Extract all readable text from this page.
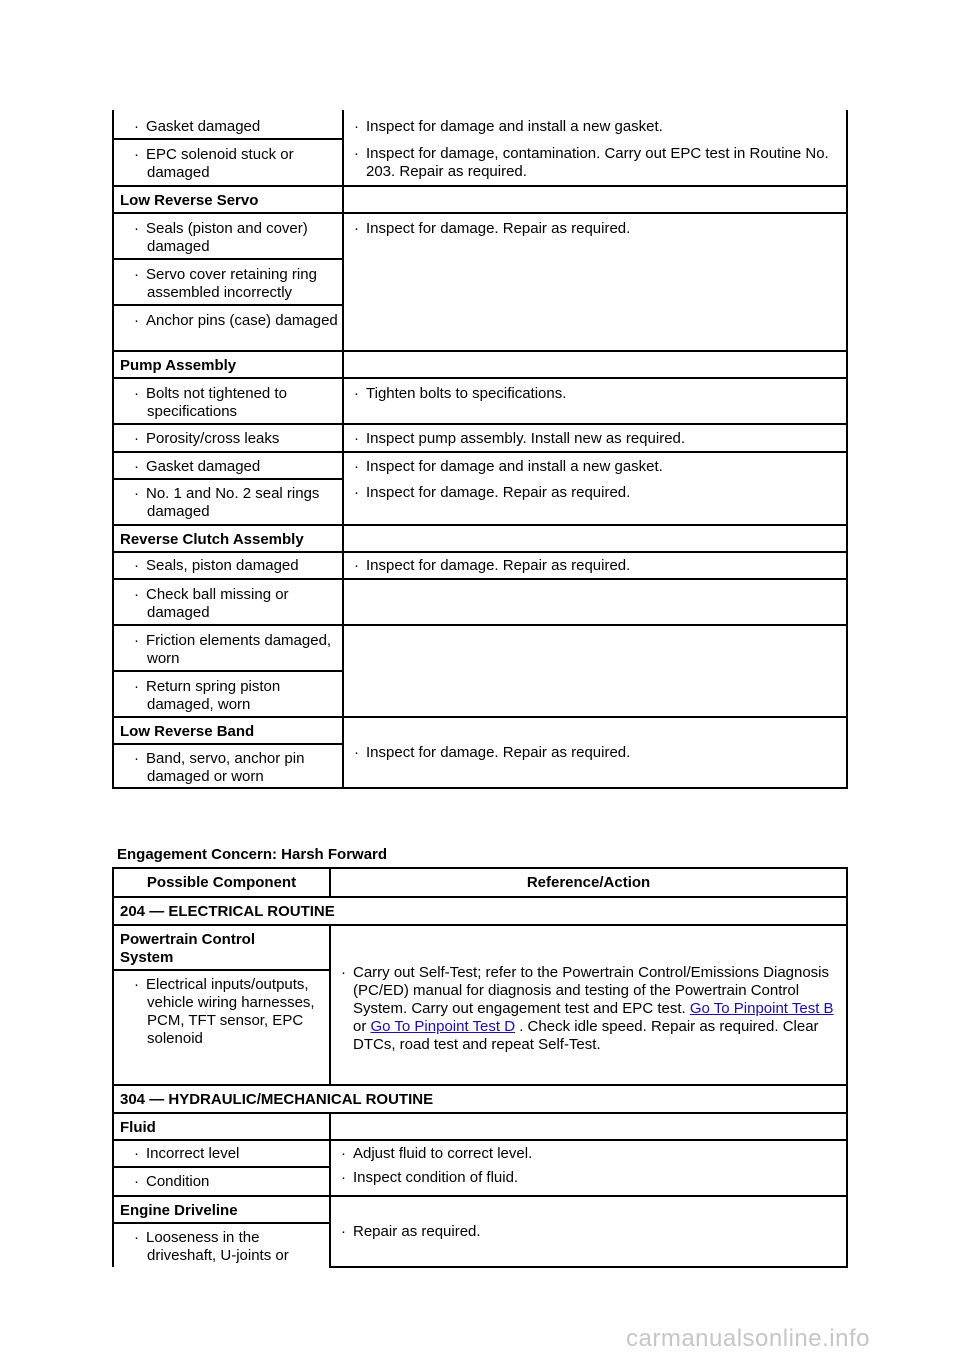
· Gasket damaged	· Inspect for damage and install a new gasket.

· EPC solenoid stuck or damaged	· Inspect for damage, contamination. Carry out EPC test in Routine No. 203. Repair as required.

Low Reverse Servo	

· Seals (piston and cover) damaged	· Inspect for damage. Repair as required.

· Servo cover retaining ring assembled incorrectly	

· Anchor pins (case) damaged	

Pump Assembly	

· Bolts not tightened to specifications	· Tighten bolts to specifications.

· Porosity/cross leaks	· Inspect pump assembly. Install new as required.

· Gasket damaged	· Inspect for damage and install a new gasket.

· No. 1 and No. 2 seal rings damaged	· Inspect for damage. Repair as required.

Reverse Clutch Assembly	

· Seals, piston damaged	· Inspect for damage. Repair as required.

· Check ball missing or damaged	

· Friction elements damaged, worn	

· Return spring piston damaged, worn	

Low Reverse Band	· Inspect for damage. Repair as required.

· Band, servo, anchor pin damaged or worn	
Engagement Concern: Harsh Forward
Possible Component	Reference/Action
204 — ELECTRICAL ROUTINE	
Powertrain Control System	· Carry out Self-Test; refer to the Powertrain Control/Emissions Diagnosis (PC/ED) manual for diagnosis and testing of the Powertrain Control System. Carry out engagement test and EPC test. Go To Pinpoint Test B or Go To Pinpoint Test D . Check idle speed. Repair as required. Clear DTCs, road test and repeat Self-Test.

· Electrical inputs/outputs, vehicle wiring harnesses, PCM, TFT sensor, EPC solenoid	

304 — HYDRAULIC/MECHANICAL ROUTINE	
Fluid	

· Incorrect level	· Adjust fluid to correct level.

· Condition	· Inspect condition of fluid.

Engine Driveline	· Repair as required.

· Looseness in the driveshaft, U-joints or	
carmanualsonline.info
